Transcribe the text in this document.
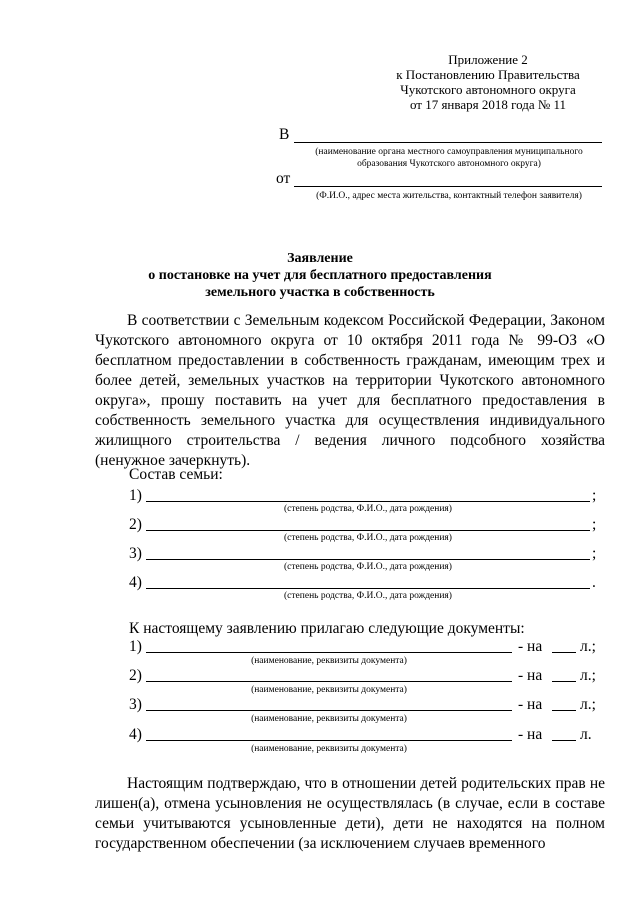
Приложение 2
к Постановлению Правительства
Чукотского автономного округа
от 17 января 2018 года № 11
В
(наименование органа местного самоуправления муниципального образования Чукотского автономного округа)
от
(Ф.И.О., адрес места жительства, контактный телефон заявителя)
Заявление
о постановке на учет для бесплатного предоставления
земельного участка в собственность

В соответствии с Земельным кодексом Российской Федерации, Законом Чукотского автономного округа от 10 октября 2011 года № 99-ОЗ «О бесплатном предоставлении в собственность гражданам, имеющим трех и более детей, земельных участков на территории Чукотского автономного округа», прошу поставить на учет для бесплатного предоставления в собственность земельного участка для осуществления индивидуального жилищного строительства / ведения личного подсобного хозяйства (ненужное зачеркнуть).

Состав семьи:
1)	;
(степень родства, Ф.И.О., дата рождения)
2)	;
(степень родства, Ф.И.О., дата рождения)
3)	;
(степень родства, Ф.И.О., дата рождения)
4)	.
(степень родства, Ф.И.О., дата рождения)
К настоящему заявлению прилагаю следующие документы:
1)	- на л.;
(наименование, реквизиты документа)
2)	- на л.;
(наименование, реквизиты документа)
3)	- на л.;
(наименование, реквизиты документа)
4)	- на л.
(наименование, реквизиты документа)

Настоящим подтверждаю, что в отношении детей родительских прав не лишен(а), отмена усыновления не осуществлялась (в случае, если в составе семьи учитываются усыновленные дети), дети не находятся на полном государственном обеспечении (за исключением случаев временного
